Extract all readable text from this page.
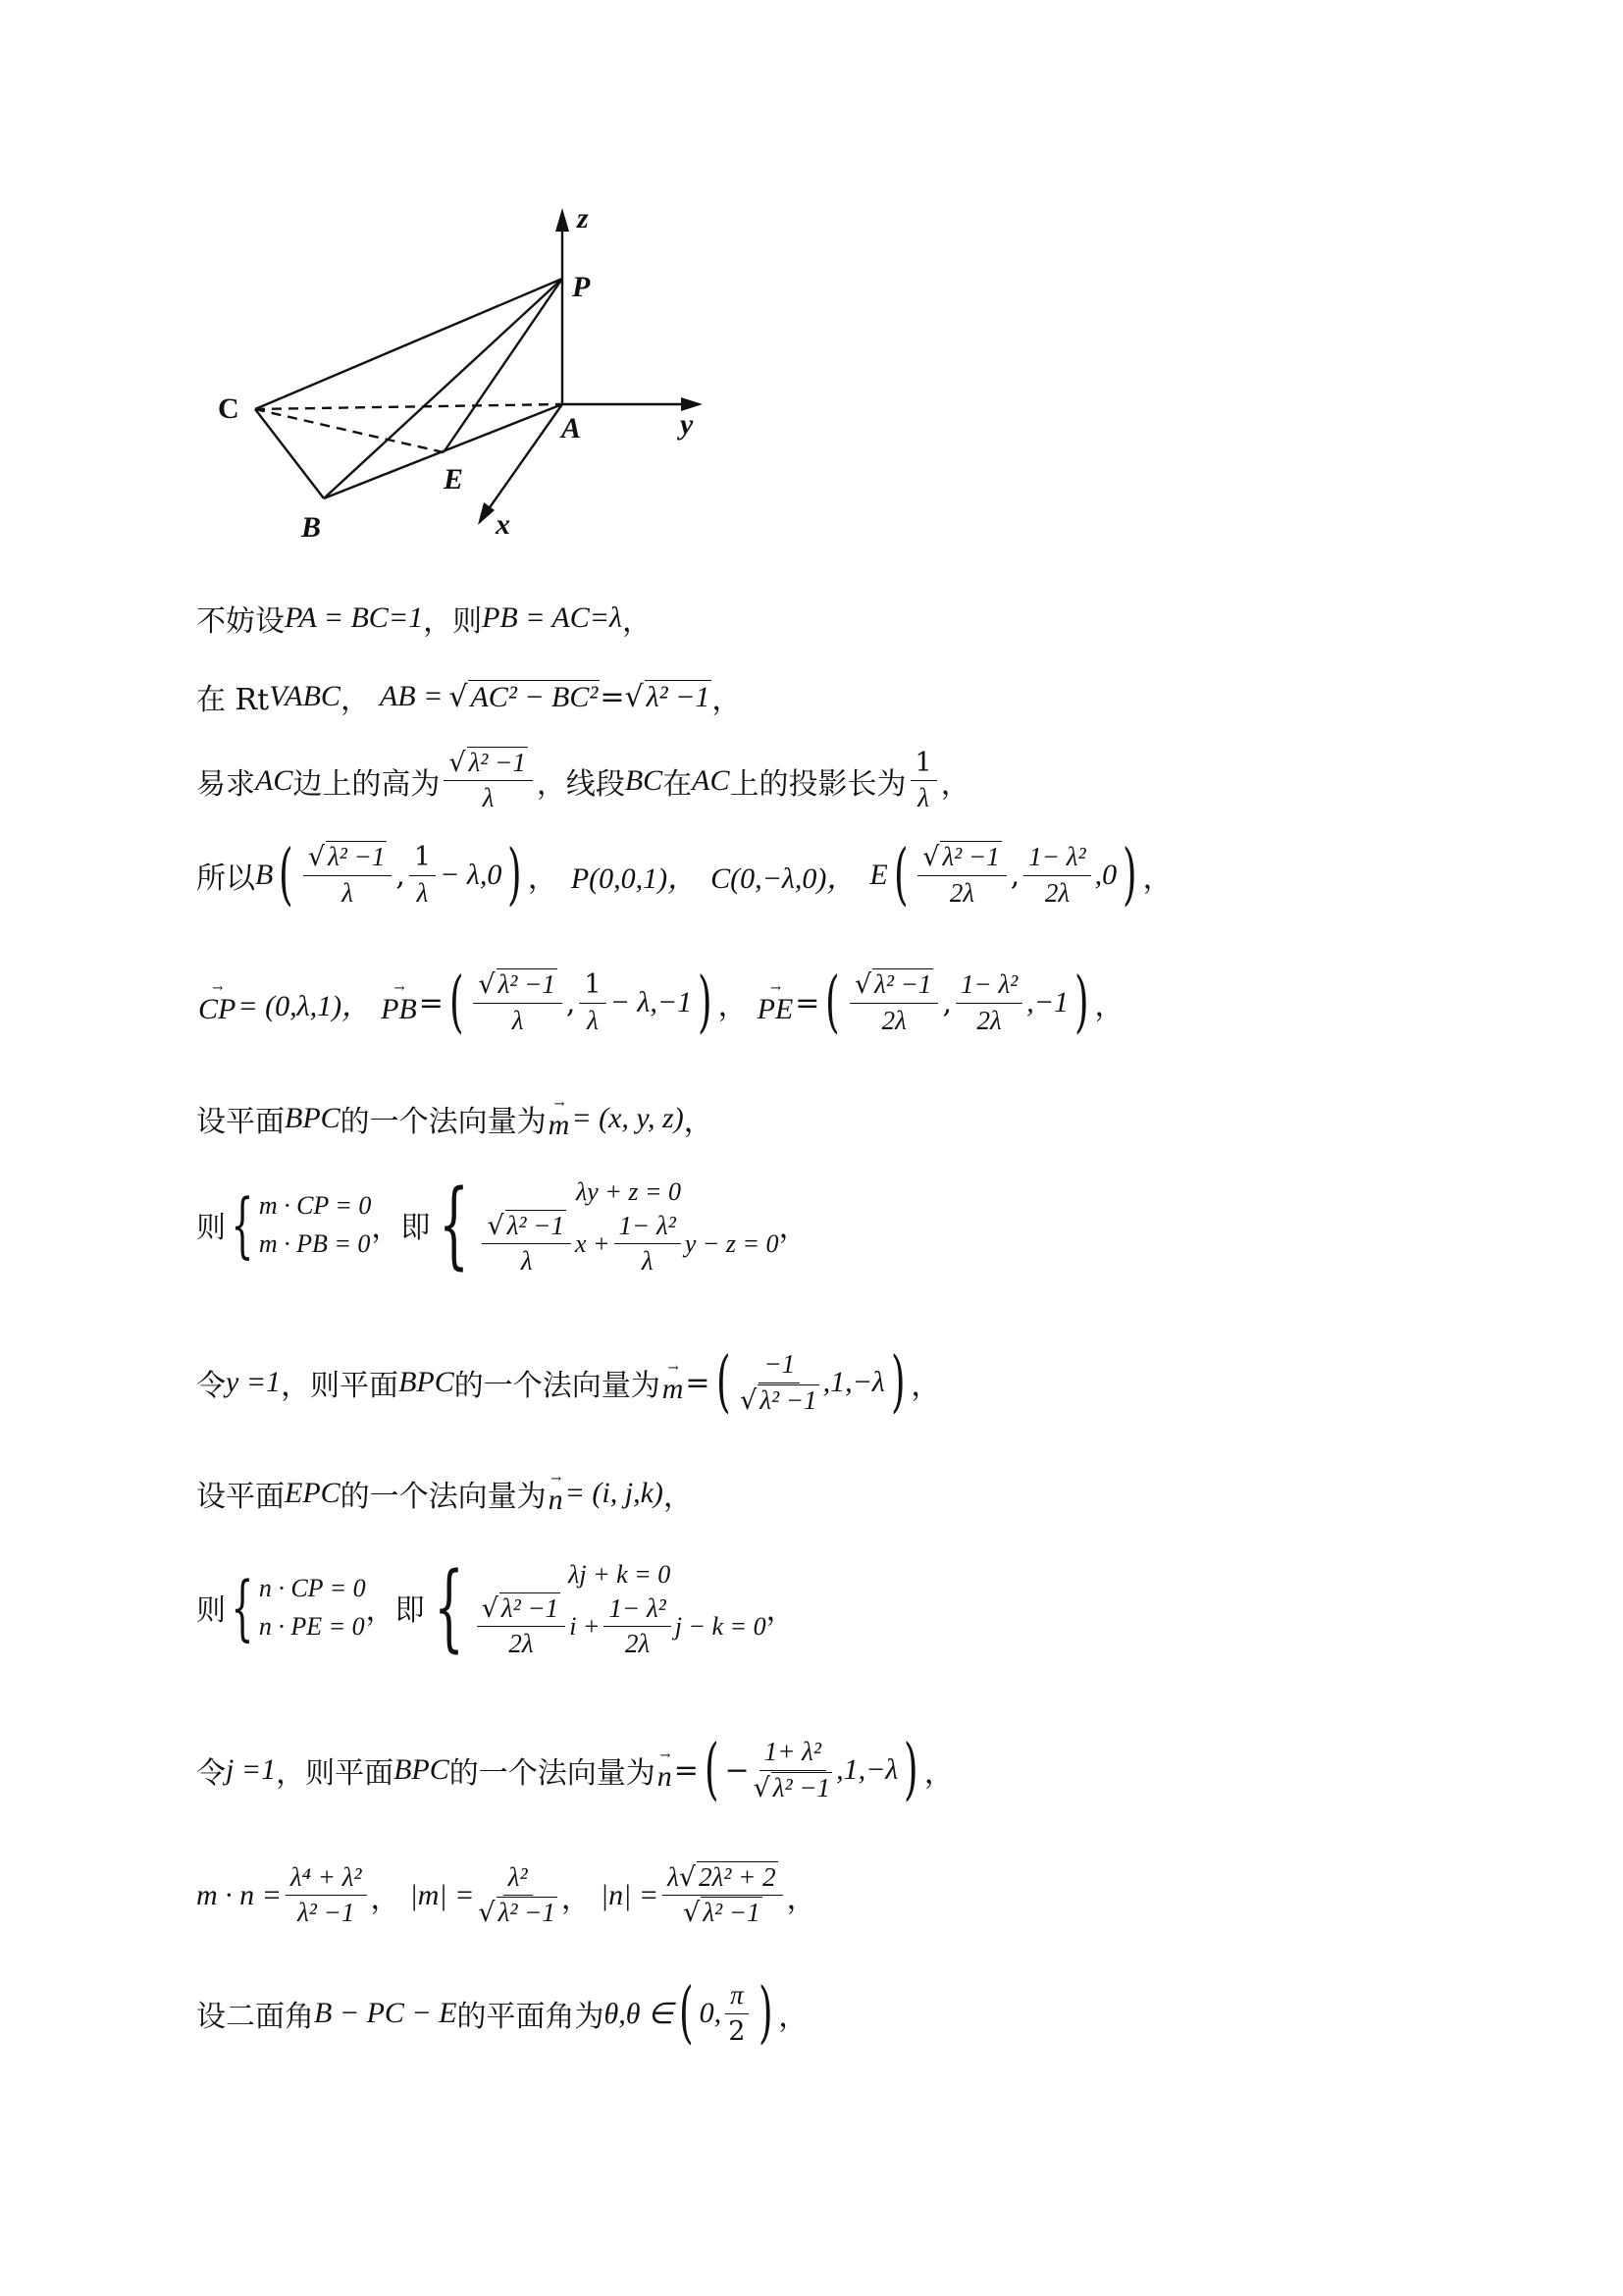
z
P
C
A	y
E
B	x
不妨设 PA = BC=1 ，则 PB = AC=λ ，
在 Rt VABC ， AB = √ AC² − BC² = √ λ² −1 ，
易求 AC 边上的高为 $\frac{\text{√ λ² −1}}{\lambda}$ ，线段 BC 在 AC 上的投影长为 $\frac{1}{\lambda}$ ，
所以 B ( $\frac{\text{√ λ² −1}}{\lambda}$ , $\frac{1}{\lambda} - \lambda,0$ ) ， P(0,0,1)， C(0,−λ,0)， E ( $\frac{\text{√ λ² −1}}{2\lambda}$ , $\frac{\text{1− λ²}}{2\lambda} ,0$ ) ，
→
CP = (0,λ,1)，
→
PB = ( $\frac{\text{√ λ² −1}}{\lambda}$ , $\frac{1}{\lambda} - \lambda,-1$ ) ，
→
PE = ( $\frac{\text{√ λ² −1}}{2\lambda}$ , $\frac{\text{1− λ²}}{2\lambda} ,-1$ ) ，
设平面 BPC 的一个法向量为
→
m = (x, y, z) ，
则 { m · CP = 0
m · PB = 0 ，即 {	λy + z = 0
$\frac{\text{√ λ² −1}}{\lambda}$ $x + \frac{\text{1− λ²}}{\lambda}$ y − z = 0 ，
令 y =1 ，则平面 BPC 的一个法向量为
→
m = ( $\frac{-1}{\text{√ λ² −1}} ,1,-\lambda$ ) ，
设平面 EPC 的一个法向量为
→
n = (i, j,k) ，
则 { n · CP = 0
n · PE = 0 ，即 {	λj + k = 0
$\frac{\text{√ λ² −1}}{2\lambda}$ $i + \frac{\text{1− λ²}}{2\lambda}$ j − k = 0 ，
令 j =1 ，则平面 BPC 的一个法向量为
→
n = ( − $\frac{\text{1+ λ²}}{\text{√ λ² −1}} ,1,-\lambda$ ) ，
$m \cdot n = \frac{\text{λ⁴ + λ²}}{\text{λ² −1}}$ ， $|m| = \frac{\text{λ²}}{\text{√ λ² −1}}$ ， $|n| = \frac{\text{λ√ 2λ² + 2}}{\text{√ λ² −1}}$ ，
设二面角 B − PC − E 的平面角为 θ,θ ∈ ( 0, $\frac{\pi}{2}$ ) ，
